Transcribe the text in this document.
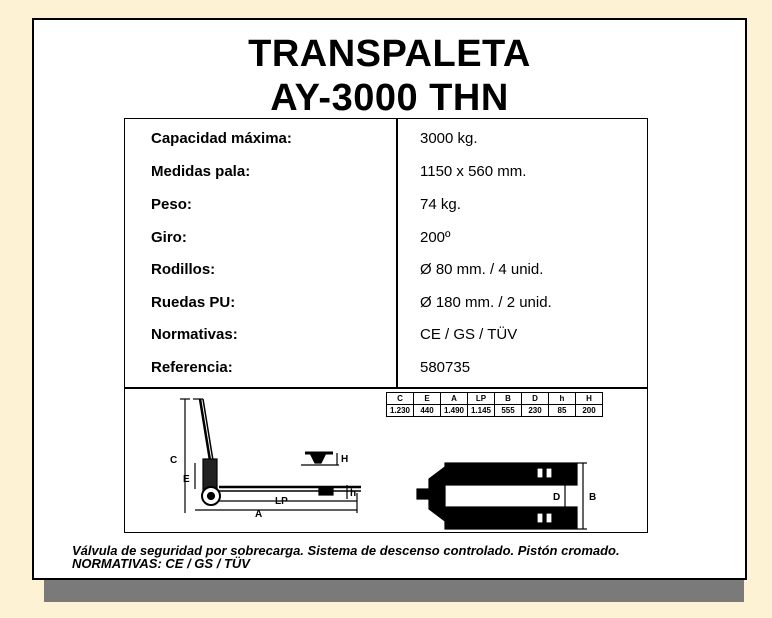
TRANSPALETA
AY-3000 THN
Capacidad máxima:	3000 kg.
Medidas pala:	1150 x 560 mm.
Peso:	74 kg.
Giro:	200º
Rodillos:	Ø 80 mm. / 4 unid.
Ruedas PU:	Ø 180 mm. / 2 unid.
Normativas:	CE / GS / TÜV
Referencia:	580735
C	E	A	LP	B	D	h	H
1.230	440	1.490	1.145	555	230	85	200
C
E
H
h
LP
A
D	B
Válvula de seguridad por sobrecarga. Sistema de descenso controlado. Pistón cromado.
NORMATIVAS: CE / GS / TÜV
